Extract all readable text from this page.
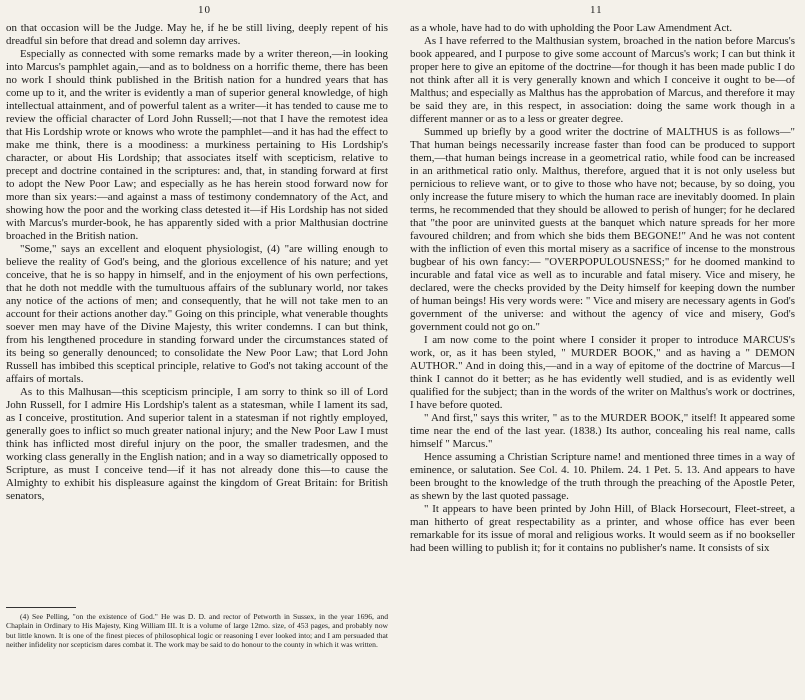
10

on that occasion will be the Judge. May he, if he be still living, deeply repent of his dreadful sin before that dread and solemn day arrives.

Especially as connected with some remarks made by a writer thereon,—in looking into Marcus's pamphlet again,—and as to boldness on a horrific theme, there has been no work I should think published in the British nation for a hundred years that has come up to it, and the writer is evidently a man of superior general knowledge, of high intellectual attainment, and of powerful talent as a writer—it has tended to cause me to review the official character of Lord John Russell;—not that I have the remotest idea that His Lordship wrote or knows who wrote the pamphlet—and it has had the effect to make me think, there is a moodiness: a murkiness pertaining to His Lordship's character, or about His Lordship; that associates itself with scepticism, relative to precept and doctrine contained in the scriptures: and, that, in standing forward at first to adopt the New Poor Law; and especially as he has herein stood forward now for more than six years:—and against a mass of testimony condemnatory of the Act, and showing how the poor and the working class detested it—if His Lordship has not sided with Marcus's murder-book, he has apparently sided with a prior Malthusian doctrine broached in the British nation.

"Some," says an excellent and eloquent physiologist, (4) "are willing enough to believe the reality of God's being, and the glorious excellence of his nature; and yet conceive, that he is so happy in himself, and in the enjoyment of his own perfections, that he doth not meddle with the tumultuous affairs of the sublunary world, nor takes any notice of the actions of men; and consequently, that he will not take men to an account for their actions another day." Going on this principle, what venerable thoughts soever men may have of the Divine Majesty, this writer condemns. I can but think, from his lengthened procedure in standing forward under the circumstances stated of its being so generally denounced; to consolidate the New Poor Law; that Lord John Russell has imbibed this sceptical principle, relative to God's not taking account of the affairs of mortals.

As to this Malhusan—this scepticism principle, I am sorry to think so ill of Lord John Russell, for I admire His Lordship's talent as a statesman, while I lament its sad, as I conceive, prostitution. And superior talent in a statesman if not rightly employed, generally goes to inflict so much greater national injury; and the New Poor Law I must think has inflicted most direful injury on the poor, the smaller tradesmen, and the working class generally in the English nation; and in a way so diametrically opposed to Scripture, as must I conceive tend—if it has not already done this—to cause the Almighty to exhibit his displeasure against the kingdom of Great Britain: for British senators,

(4) See Pelling, "on the existence of God." He was D. D. and rector of Petworth in Sussex, in the year 1696, and Chaplain in Ordinary to His Majesty, King William III. It is a volume of large 12mo. size, of 453 pages, and probably now but little known. It is one of the finest pieces of philosophical logic or reasoning I ever looked into; and I am persuaded that neither infidelity nor scepticism dares combat it. The work may be said to do honour to the county in which it was written.

11

as a whole, have had to do with upholding the Poor Law Amendment Act.

As I have referred to the Malthusian system, broached in the nation before Marcus's book appeared, and I purpose to give some account of Marcus's work; I can but think it proper here to give an epitome of the doctrine—for though it has been made public I do not think after all it is very generally known and which I conceive it ought to be—of Malthus; and especially as Malthus has the approbation of Marcus, and therefore it may be said they are, in this respect, in association: doing the same work though in a different manner or as to a less or greater degree.

Summed up briefly by a good writer the doctrine of MALTHUS is as follows—" That human beings necessarily increase faster than food can be produced to support them,—that human beings increase in a geometrical ratio, while food can be increased in an arithmetical ratio only. Malthus, therefore, argued that it is not only useless but pernicious to relieve want, or to give to those who have not; because, by so doing, you only increase the future misery to which the human race are inevitably doomed. In plain terms, he recommended that they should be allowed to perish of hunger; for he declared that "the poor are uninvited guests at the banquet which nature spreads for her more favoured children; and from which she bids them BEGONE!" And he was not content with the infliction of even this mortal misery as a sacrifice of incense to the monstrous bugbear of his own fancy:— "OVERPOPULOUSNESS;" for he doomed mankind to incurable and fatal vice as well as to incurable and fatal misery. Vice and misery, he declared, were the checks provided by the Deity himself for keeping down the number of human beings! His very words were: " Vice and misery are necessary agents in God's government of the universe: and without the agency of vice and misery, God's government could not go on."

I am now come to the point where I consider it proper to introduce MARCUS's work, or, as it has been styled, " MURDER BOOK," and as having a " DEMON AUTHOR." And in doing this,—and in a way of epitome of the doctrine of Marcus—I think I cannot do it better; as he has evidently well studied, and is as evidently well qualified for the subject; than in the words of the writer on Malthus's work or doctrines, I have before quoted.

" And first," says this writer, " as to the MURDER BOOK," itself! It appeared some time near the end of the last year. (1838.) Its author, concealing his real name, calls himself " Marcus."

Hence assuming a Christian Scripture name! and mentioned three times in a way of eminence, or salutation. See Col. 4. 10. Philem. 24. 1 Pet. 5. 13. And appears to have been brought to the knowledge of the truth through the preaching of the Apostle Peter, as shewn by the last quoted passage.

" It appears to have been printed by John Hill, of Black Horsecourt, Fleet-street, a man hitherto of great respectability as a printer, and whose office has ever been remarkable for its issue of moral and religious works. It would seem as if no bookseller had been willing to publish it; for it contains no publisher's name. It consists of six
